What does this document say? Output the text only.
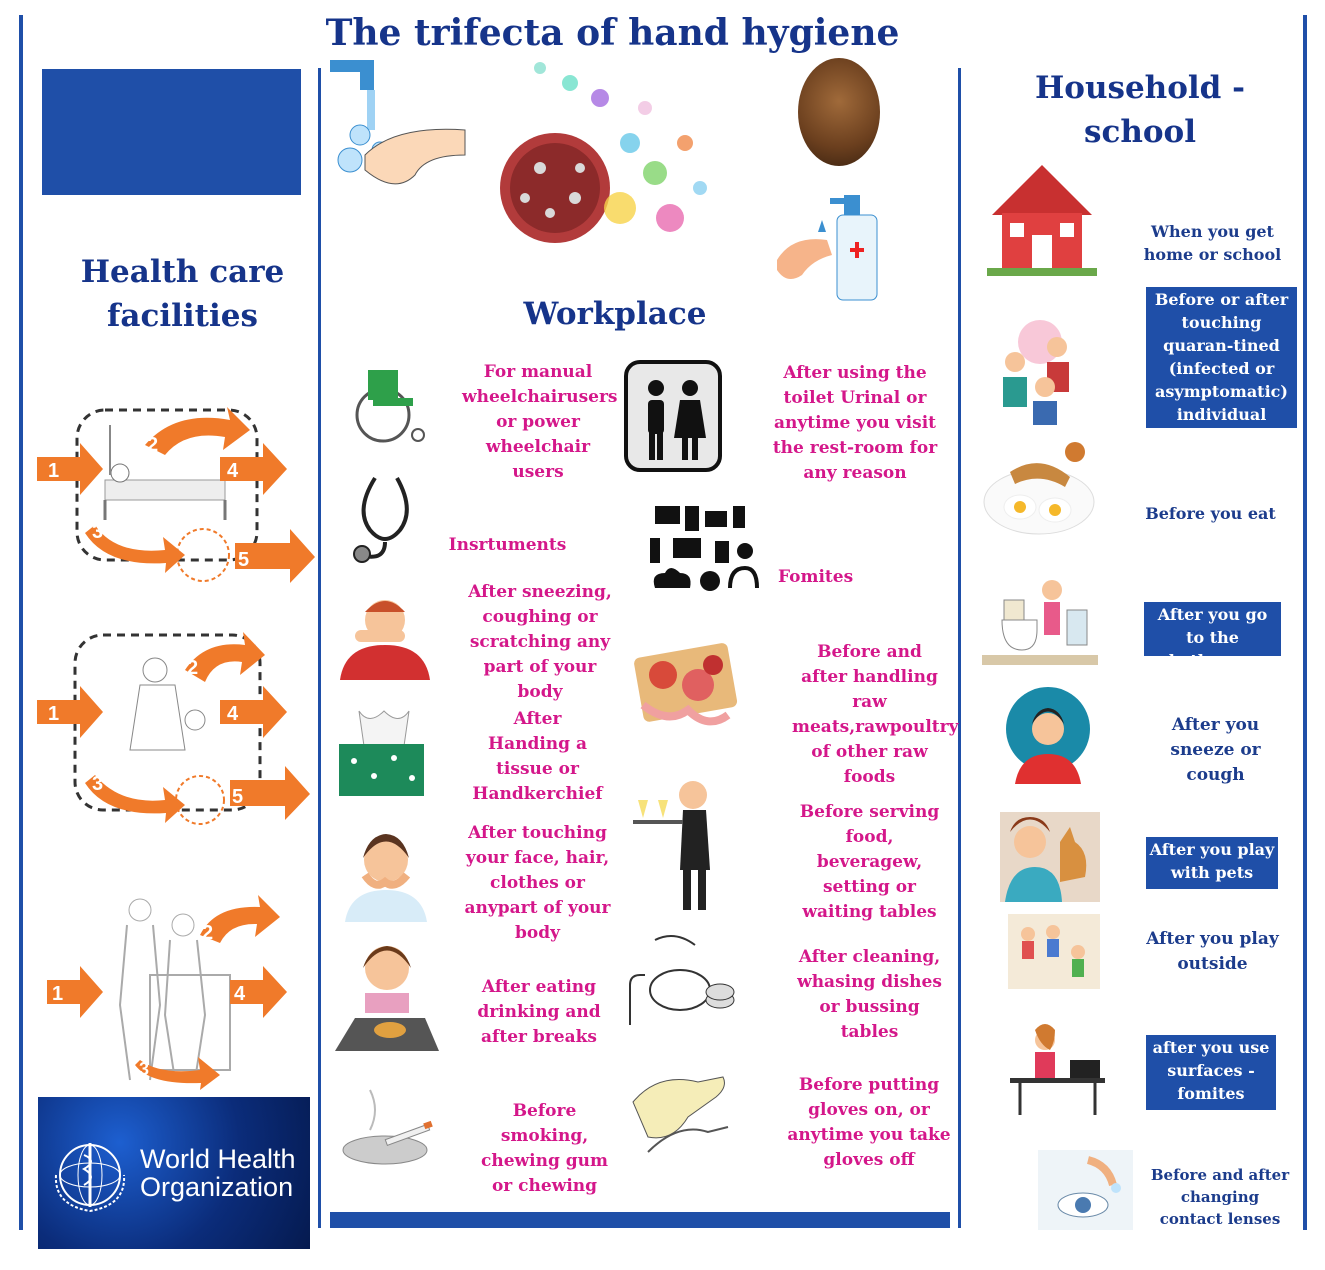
The trifecta of hand hygiene
Health care
facilities
1
2
4
3
5
1
2
4
3
5
1
2
4
3
World Health
Organization
Workplace
For manual wheelchairusers or power wheelchair users
After using the toilet Urinal or anytime you visit the rest-room for any reason
Insrtuments
Fomites
After sneezing, coughing or scratching any part of your body
Before and after handling raw meats,rawpoultry of other raw foods
After Handing a tissue or Handkerchief
Before serving food, beveragew, setting or waiting tables
After touching your face, hair, clothes or anypart of your body
After cleaning, whasing dishes or bussing tables
After eating drinking and after breaks
Before putting gloves on, or anytime you take gloves off
Before smoking, chewing gum or chewing
Household -
school
When you get home or school
Before or after touching quaran-tined (infected or asymptomatic) individual surroundings
Before you eat
After you go to the bathroom
After you sneeze or cough
After you play with pets
After you play outside
after you use surfaces - fomites
Before and after changing contact lenses
